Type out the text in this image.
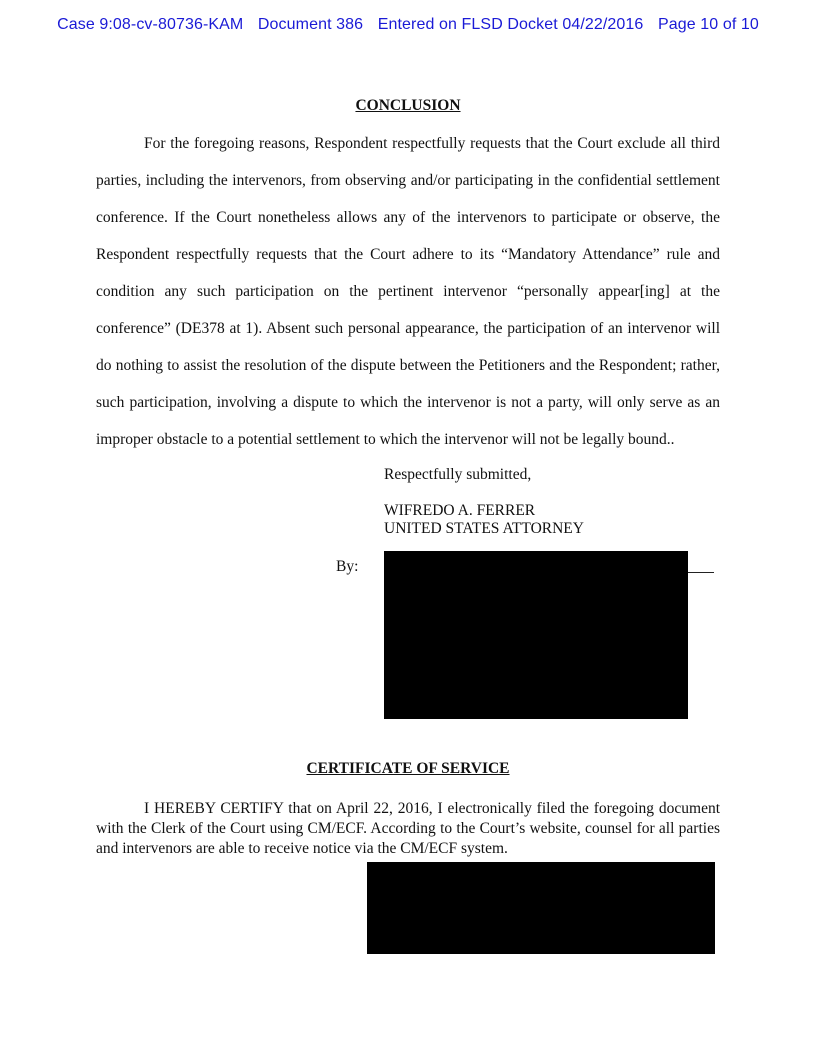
Case 9:08-cv-80736-KAM Document 386 Entered on FLSD Docket 04/22/2016 Page 10 of 10
CONCLUSION

For the foregoing reasons, Respondent respectfully requests that the Court exclude all third parties, including the intervenors, from observing and/or participating in the confidential settlement conference. If the Court nonetheless allows any of the intervenors to participate or observe, the Respondent respectfully requests that the Court adhere to its “Mandatory Attendance” rule and condition any such participation on the pertinent intervenor “personally appear[ing] at the conference” (DE378 at 1). Absent such personal appearance, the participation of an intervenor will do nothing to assist the resolution of the dispute between the Petitioners and the Respondent; rather, such participation, involving a dispute to which the intervenor is not a party, will only serve as an improper obstacle to a potential settlement to which the intervenor will not be legally bound..

Respectfully submitted,
WIFREDO A. FERRER
UNITED STATES ATTORNEY
By:
CERTIFICATE OF SERVICE

I HEREBY CERTIFY that on April 22, 2016, I electronically filed the foregoing document with the Clerk of the Court using CM/ECF. According to the Court’s website, counsel for all parties and intervenors are able to receive notice via the CM/ECF system.
